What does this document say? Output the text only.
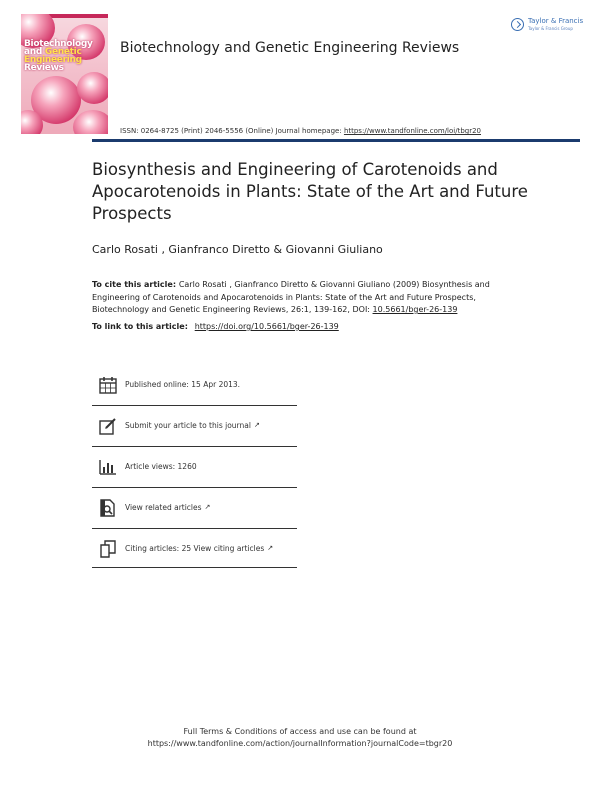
Biotechnology
and Genetic
Engineering
Reviews
Biotechnology and Genetic Engineering Reviews
Taylor & Francis
Taylor & Francis Group
ISSN: 0264-8725 (Print) 2046-5556 (Online) Journal homepage: https://www.tandfonline.com/loi/tbgr20
Biosynthesis and Engineering of Carotenoids and Apocarotenoids in Plants: State of the Art and Future Prospects
Carlo Rosati , Gianfranco Diretto & Giovanni Giuliano
To cite this article: Carlo Rosati , Gianfranco Diretto & Giovanni Giuliano (2009) Biosynthesis and Engineering of Carotenoids and Apocarotenoids in Plants: State of the Art and Future Prospects, Biotechnology and Genetic Engineering Reviews, 26:1, 139-162, DOI: 10.5661/bger-26-139
To link to this article: https://doi.org/10.5661/bger-26-139
Published online: 15 Apr 2013.
Submit your article to this journal ↗
Article views: 1260
View related articles ↗
Citing articles: 25 View citing articles ↗
Full Terms & Conditions of access and use can be found at
https://www.tandfonline.com/action/journalInformation?journalCode=tbgr20
